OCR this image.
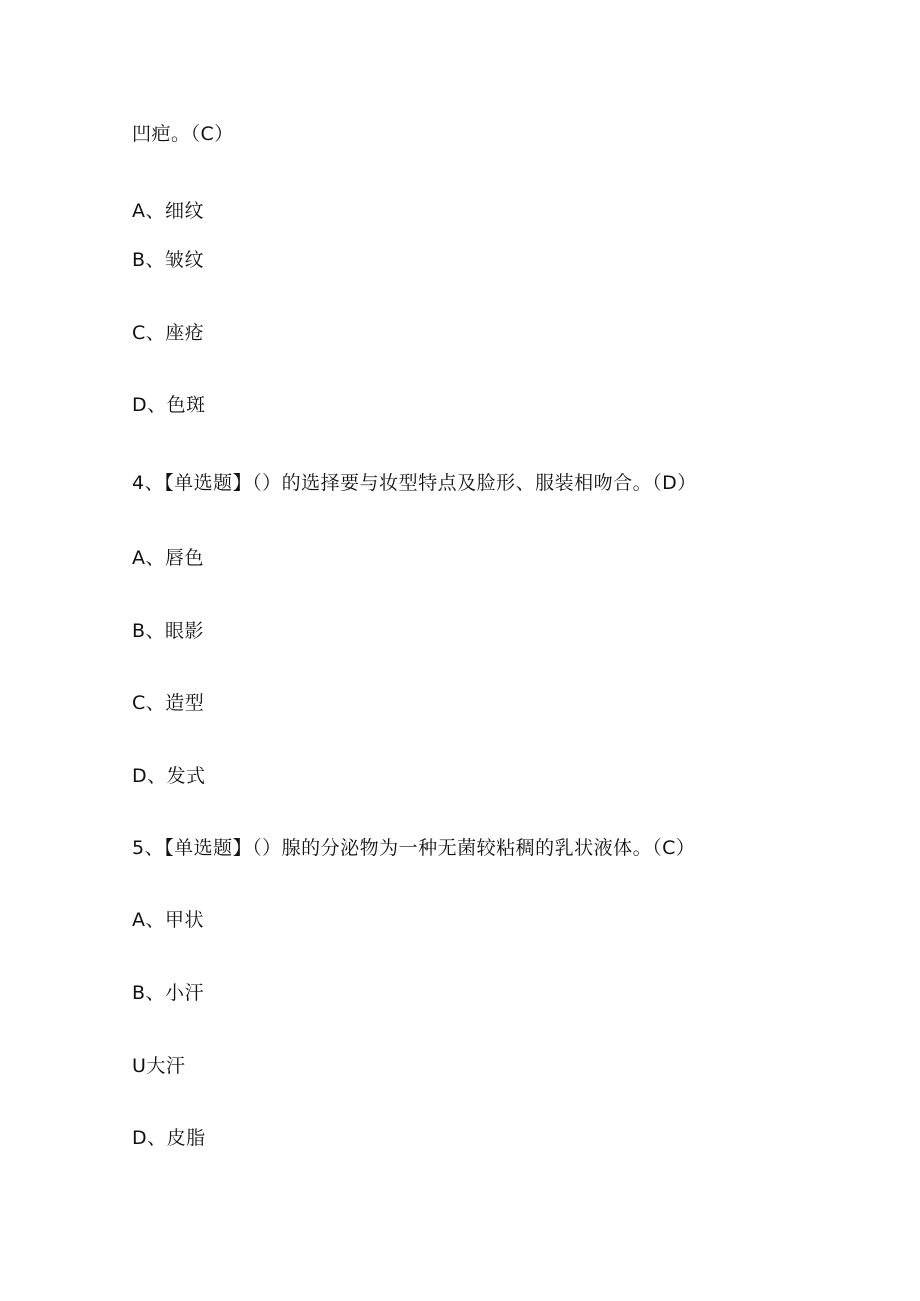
凹疤。（C）
A、细纹
B、皱纹
C、座疮
D、色斑
4、【单选题】（）的选择要与妆型特点及脸形、服装相吻合。（D）
A、唇色
B、眼影
C、造型
D、发式
5、【单选题】（）腺的分泌物为一种无菌较粘稠的乳状液体。（C）
A、甲状
B、小汗
U大汗
D、皮脂
